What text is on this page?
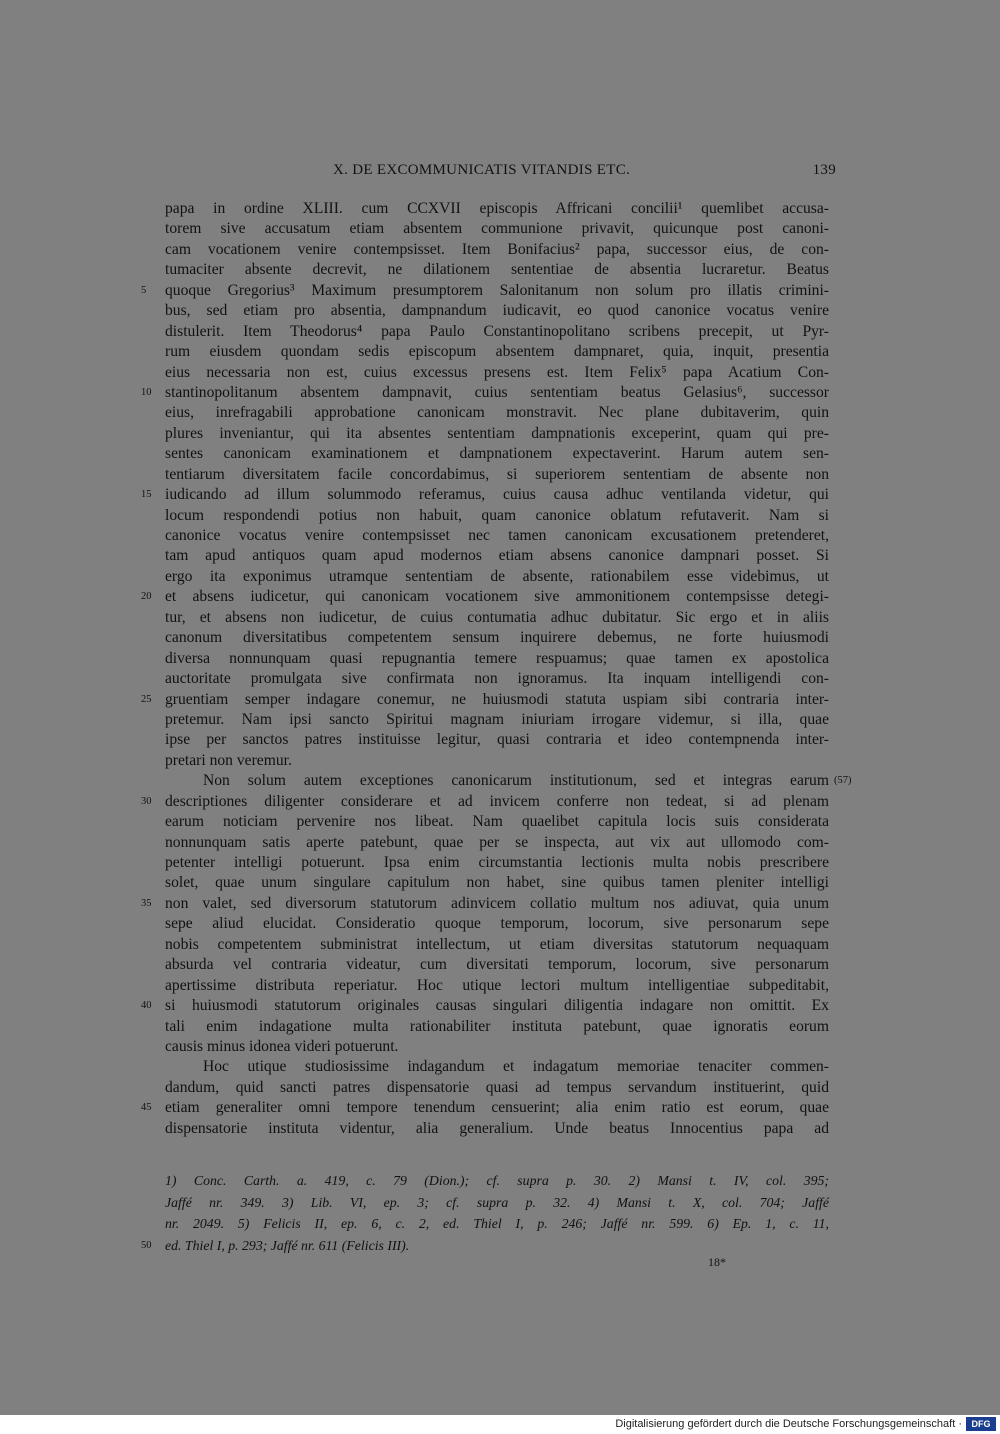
X. DE EXCOMMUNICATIS VITANDIS ETC.	139
papa in ordine XLIII. cum CCXVII episcopis Affricani concilii¹ quemlibet accusa-
torem sive accusatum etiam absentem communione privavit, quicunque post canoni-
cam vocationem venire contempsisset. Item Bonifacius² papa, successor eius, de con-
tumaciter absente decrevit, ne dilationem sententiae de absentia lucraretur. Beatus
quoque Gregorius³ Maximum presumptorem Salonitanum non solum pro illatis crimini-
5
bus, sed etiam pro absentia, dampnandum iudicavit, eo quod canonice vocatus venire
distulerit. Item Theodorus⁴ papa Paulo Constantinopolitano scribens precepit, ut Pyr-
rum eiusdem quondam sedis episcopum absentem dampnaret, quia, inquit, presentia
eius necessaria non est, cuius excessus presens est. Item Felix⁵ papa Acatium Con-
stantinopolitanum absentem dampnavit, cuius sententiam beatus Gelasius⁶, successor
10
eius, inrefragabili approbatione canonicam monstravit. Nec plane dubitaverim, quin
plures inveniantur, qui ita absentes sententiam dampnationis exceperint, quam qui pre-
sentes canonicam examinationem et dampnationem expectaverint. Harum autem sen-
tentiarum diversitatem facile concordabimus, si superiorem sententiam de absente non
iudicando ad illum solummodo referamus, cuius causa adhuc ventilanda videtur, qui
15
locum respondendi potius non habuit, quam canonice oblatum refutaverit. Nam si
canonice vocatus venire contempsisset nec tamen canonicam excusationem pretenderet,
tam apud antiquos quam apud modernos etiam absens canonice dampnari posset. Si
ergo ita exponimus utramque sententiam de absente, rationabilem esse videbimus, ut
et absens iudicetur, qui canonicam vocationem sive ammonitionem contempsisse detegi-
20
tur, et absens non iudicetur, de cuius contumatia adhuc dubitatur. Sic ergo et in aliis
canonum diversitatibus competentem sensum inquirere debemus, ne forte huiusmodi
diversa nonnunquam quasi repugnantia temere respuamus; quae tamen ex apostolica
auctoritate promulgata sive confirmata non ignoramus. Ita inquam intelligendi con-
gruentiam semper indagare conemur, ne huiusmodi statuta uspiam sibi contraria inter-
25
pretemur. Nam ipsi sancto Spiritui magnam iniuriam irrogare videmur, si illa, quae
ipse per sanctos patres instituisse legitur, quasi contraria et ideo contempnenda inter-
pretari non veremur.
Non solum autem exceptiones canonicarum institutionum, sed et integras earum (57)
descriptiones diligenter considerare et ad invicem conferre non tedeat, si ad plenam
30
earum noticiam pervenire nos libeat. Nam quaelibet capitula locis suis considerata
nonnunquam satis aperte patebunt, quae per se inspecta, aut vix aut ullomodo com-
petenter intelligi potuerunt. Ipsa enim circumstantia lectionis multa nobis prescribere
solet, quae unum singulare capitulum non habet, sine quibus tamen pleniter intelligi
non valet, sed diversorum statutorum adinvicem collatio multum nos adiuvat, quia unum
35
sepe aliud elucidat. Consideratio quoque temporum, locorum, sive personarum sepe
nobis competentem subministrat intellectum, ut etiam diversitas statutorum nequaquam
absurda vel contraria videatur, cum diversitati temporum, locorum, sive personarum
apertissime distributa reperiatur. Hoc utique lectori multum intelligentiae subpeditabit,
si huiusmodi statutorum originales causas singulari diligentia indagare non omittit. Ex
40
tali enim indagatione multa rationabiliter instituta patebunt, quae ignoratis eorum
causis minus idonea videri potuerunt.
Hoc utique studiosissime indagandum et indagatum memoriae tenaciter commen-
dandum, quid sancti patres dispensatorie quasi ad tempus servandum instituerint, quid
etiam generaliter omni tempore tenendum censuerint; alia enim ratio est eorum, quae
45
dispensatorie instituta videntur, alia generalium. Unde beatus Innocentius papa ad
1) Conc. Carth. a. 419, c. 79 (Dion.); cf. supra p. 30. 2) Mansi t. IV, col. 395;
Jaffé nr. 349. 3) Lib. VI, ep. 3; cf. supra p. 32. 4) Mansi t. X, col. 704; Jaffé
nr. 2049. 5) Felicis II, ep. 6, c. 2, ed. Thiel I, p. 246; Jaffé nr. 599. 6) Ep. 1, c. 11,
ed. Thiel I, p. 293; Jaffé nr. 611 (Felicis III).
50
18*
Digitalisierung gefördert durch die Deutsche Forschungsgemeinschaft ·	DFG
